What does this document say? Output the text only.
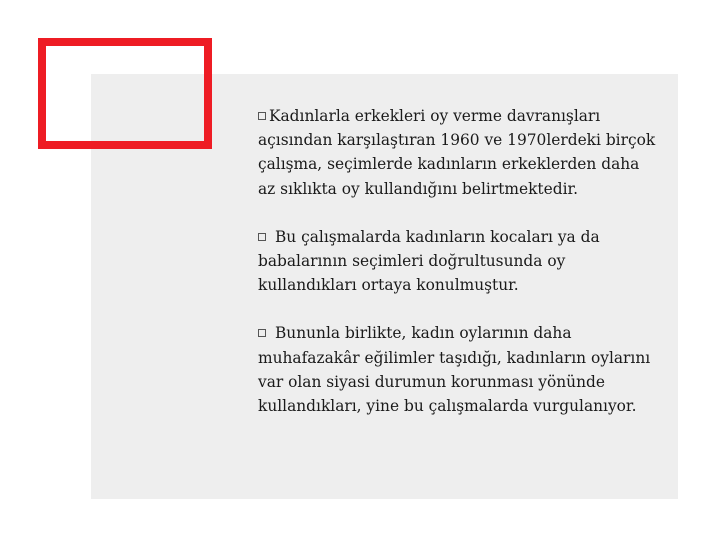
Kadınlarla erkekleri oy verme davranışları açısından karşılaştıran 1960 ve 1970lerdeki birçok çalışma, seçimlerde kadınların erkeklerden daha az sıklıkta oy kullandığını belirtmektedir.

Bu çalışmalarda kadınların kocaları ya da babalarının seçimleri doğrultusunda oy kullandıkları ortaya konulmuştur.

Bununla birlikte, kadın oylarının daha muhafazakâr eğilimler taşıdığı, kadınların oylarını var olan siyasi durumun korunması yönünde kullandıkları, yine bu çalışmalarda vurgulanıyor.
